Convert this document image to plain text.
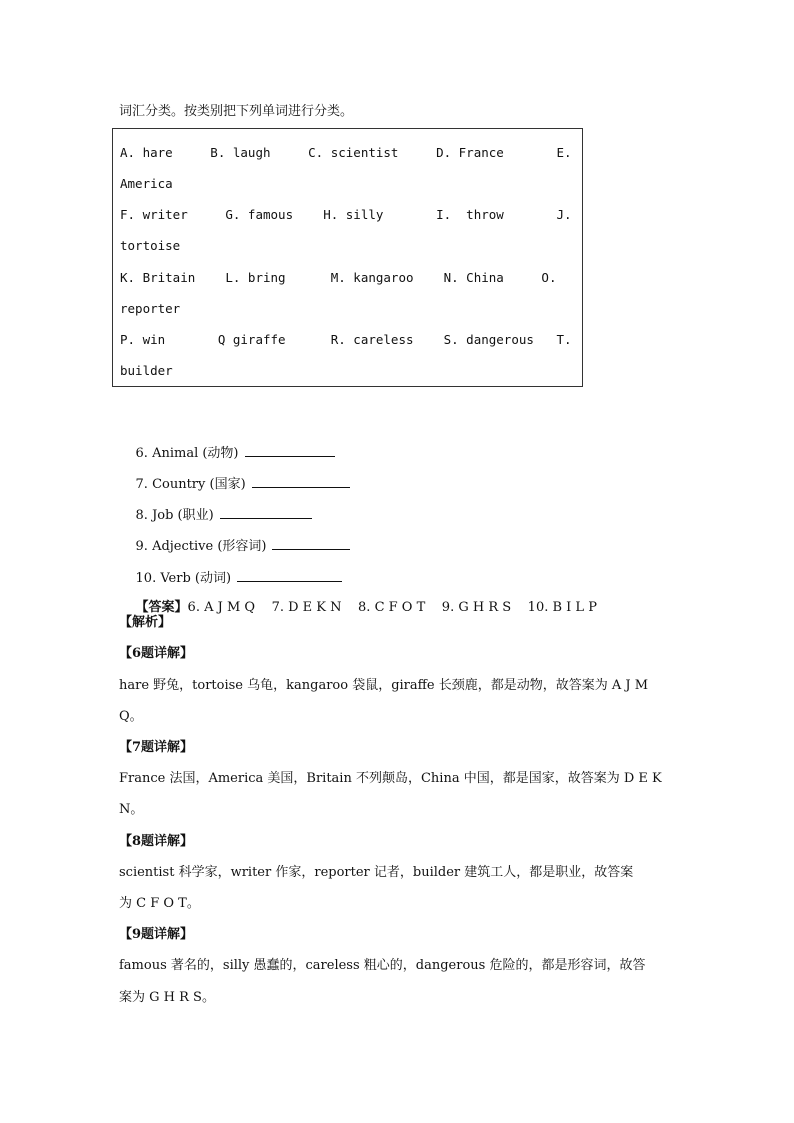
词汇分类。按类别把下列单词进行分类。
A. hare     B. laugh     C. scientist     D. France       E.
America
F. writer     G. famous    H. silly       I.  throw       J.
tortoise
K. Britain    L. bring      M. kangaroo    N. China     O.
reporter
P. win       Q giraffe      R. careless    S. dangerous   T.
builder

6. Animal (动物)

7. Country (国家)

8. Job (职业)

9. Adjective (形容词)

10. Verb (动词)

【答案】6. A J M Q    7. D E K N    8. C F O T    9. G H R S    10. B I L P

【解析】
【6题详解】
hare 野兔，tortoise 乌龟，kangaroo 袋鼠，giraffe 长颈鹿，都是动物，故答案为 A J M
Q。
【7题详解】
France 法国，America 美国，Britain 不列颠岛，China 中国，都是国家，故答案为 D E K
N。
【8题详解】
scientist 科学家，writer 作家，reporter 记者，builder 建筑工人，都是职业，故答案
为 C F O T。
【9题详解】
famous 著名的，silly 愚蠢的，careless 粗心的，dangerous 危险的，都是形容词，故答
案为 G H R S。
